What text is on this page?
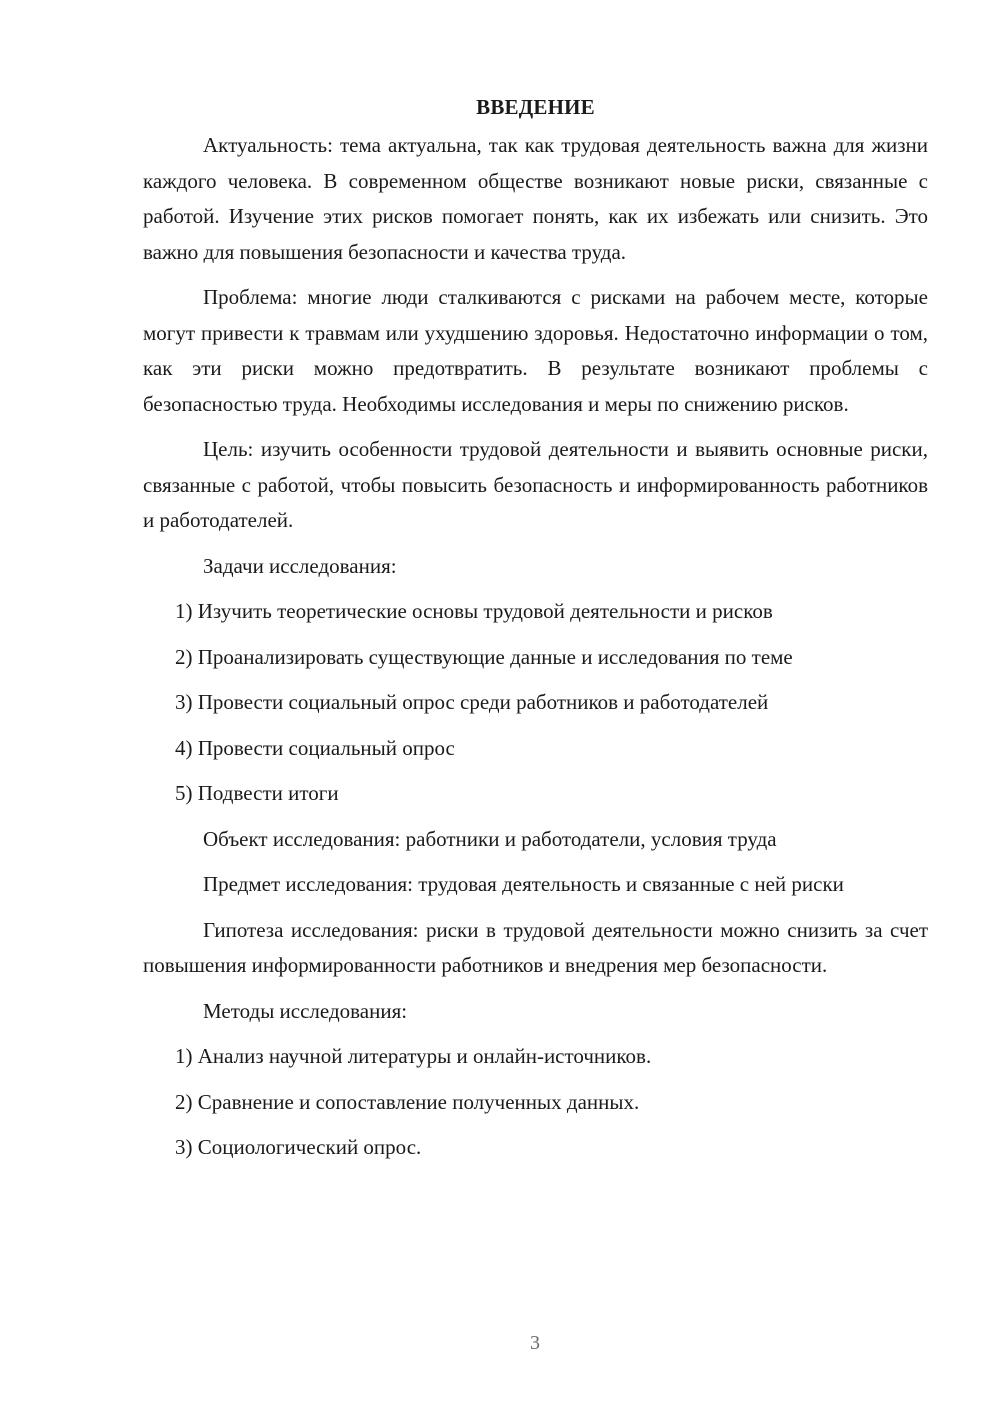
ВВЕДЕНИЕ

Актуальность: тема актуальна, так как трудовая деятельность важна для жизни каждого человека. В современном обществе возникают новые риски, связанные с работой. Изучение этих рисков помогает понять, как их избежать или снизить. Это важно для повышения безопасности и качества труда.

Проблема: многие люди сталкиваются с рисками на рабочем месте, которые могут привести к травмам или ухудшению здоровья. Недостаточно информации о том, как эти риски можно предотвратить. В результате возникают проблемы с безопасностью труда. Необходимы исследования и меры по снижению рисков.

Цель: изучить особенности трудовой деятельности и выявить основные риски, связанные с работой, чтобы повысить безопасность и информированность работников и работодателей.

Задачи исследования:

1) Изучить теоретические основы трудовой деятельности и рисков

2) Проанализировать существующие данные и исследования по теме

3) Провести социальный опрос среди работников и работодателей

4) Провести социальный опрос

5) Подвести итоги

Объект исследования: работники и работодатели, условия труда

Предмет исследования: трудовая деятельность и связанные с ней риски

Гипотеза исследования: риски в трудовой деятельности можно снизить за счет повышения информированности работников и внедрения мер безопасности.

Методы исследования:

1) Анализ научной литературы и онлайн-источников.

2) Сравнение и сопоставление полученных данных.

3) Социологический опрос.

3
